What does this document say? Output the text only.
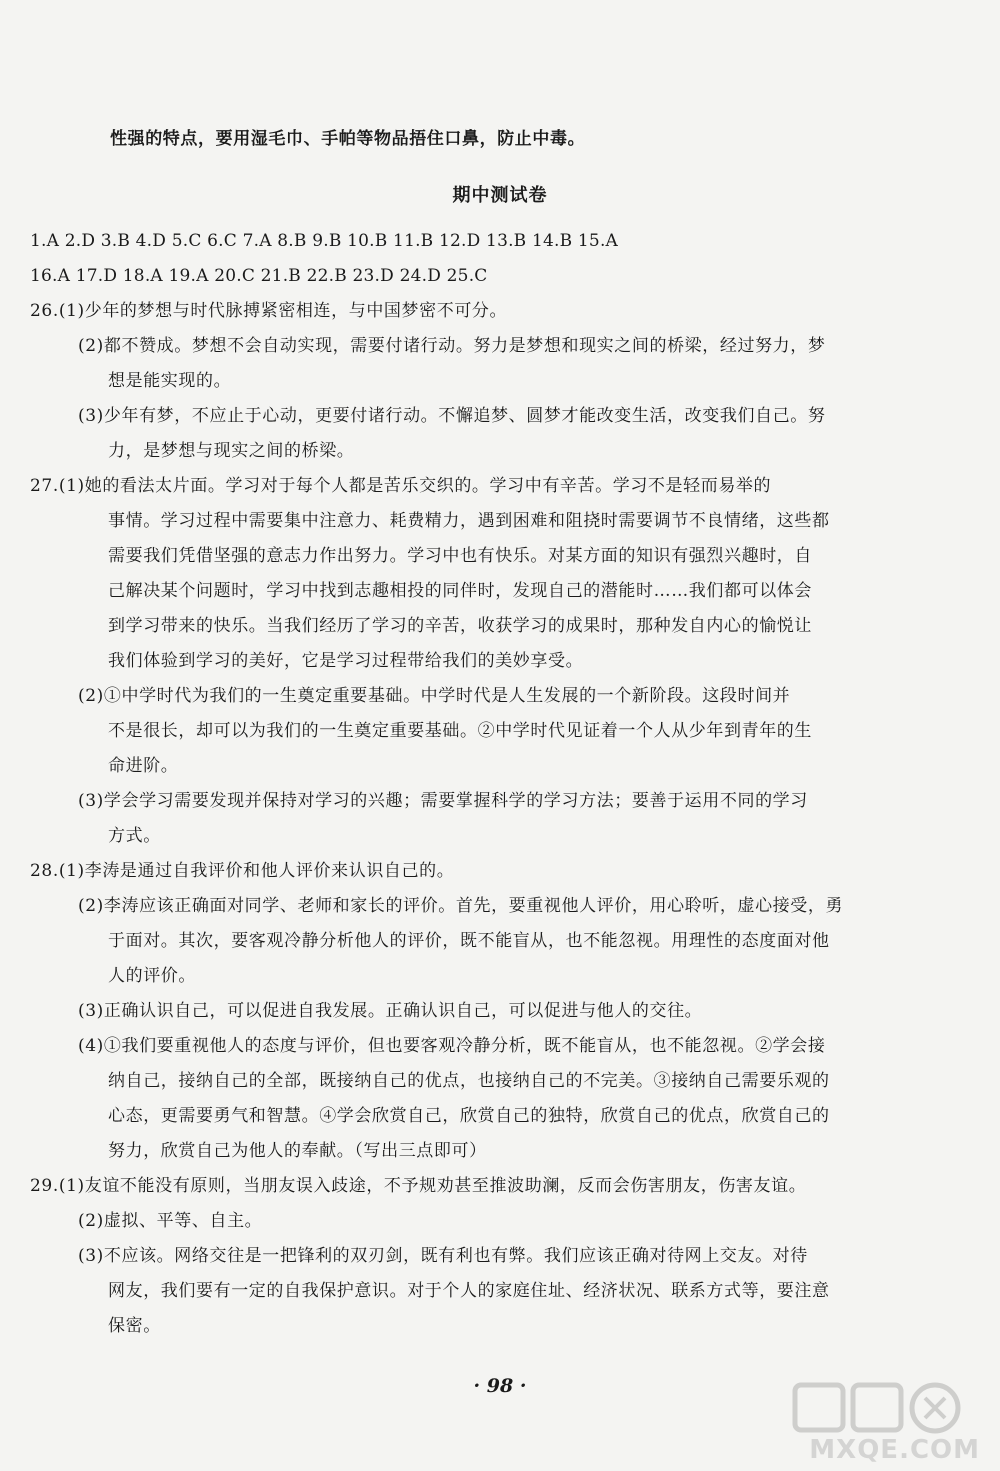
性强的特点，要用湿毛巾、手帕等物品捂住口鼻，防止中毒。
期中测试卷
1.A 2.D 3.B 4.D 5.C 6.C 7.A 8.B 9.B 10.B 11.B 12.D 13.B 14.B 15.A
16.A 17.D 18.A 19.A 20.C 21.B 22.B 23.D 24.D 25.C
26.(1)少年的梦想与时代脉搏紧密相连，与中国梦密不可分。
(2)都不赞成。梦想不会自动实现，需要付诸行动。努力是梦想和现实之间的桥梁，经过努力，梦
想是能实现的。
(3)少年有梦，不应止于心动，更要付诸行动。不懈追梦、圆梦才能改变生活，改变我们自己。努
力，是梦想与现实之间的桥梁。
27.(1)她的看法太片面。学习对于每个人都是苦乐交织的。学习中有辛苦。学习不是轻而易举的
事情。学习过程中需要集中注意力、耗费精力，遇到困难和阻挠时需要调节不良情绪，这些都
需要我们凭借坚强的意志力作出努力。学习中也有快乐。对某方面的知识有强烈兴趣时，自
己解决某个问题时，学习中找到志趣相投的同伴时，发现自己的潜能时……我们都可以体会
到学习带来的快乐。当我们经历了学习的辛苦，收获学习的成果时，那种发自内心的愉悦让
我们体验到学习的美好，它是学习过程带给我们的美妙享受。
(2)①中学时代为我们的一生奠定重要基础。中学时代是人生发展的一个新阶段。这段时间并
不是很长，却可以为我们的一生奠定重要基础。②中学时代见证着一个人从少年到青年的生
命进阶。
(3)学会学习需要发现并保持对学习的兴趣；需要掌握科学的学习方法；要善于运用不同的学习
方式。
28.(1)李涛是通过自我评价和他人评价来认识自己的。
(2)李涛应该正确面对同学、老师和家长的评价。首先，要重视他人评价，用心聆听，虚心接受，勇
于面对。其次，要客观冷静分析他人的评价，既不能盲从，也不能忽视。用理性的态度面对他
人的评价。
(3)正确认识自己，可以促进自我发展。正确认识自己，可以促进与他人的交往。
(4)①我们要重视他人的态度与评价，但也要客观冷静分析，既不能盲从，也不能忽视。②学会接
纳自己，接纳自己的全部，既接纳自己的优点，也接纳自己的不完美。③接纳自己需要乐观的
心态，更需要勇气和智慧。④学会欣赏自己，欣赏自己的独特，欣赏自己的优点，欣赏自己的
努力，欣赏自己为他人的奉献。（写出三点即可）
29.(1)友谊不能没有原则，当朋友误入歧途，不予规劝甚至推波助澜，反而会伤害朋友，伤害友谊。
(2)虚拟、平等、自主。
(3)不应该。网络交往是一把锋利的双刃剑，既有利也有弊。我们应该正确对待网上交友。对待
网友，我们要有一定的自我保护意识。对于个人的家庭住址、经济状况、联系方式等，要注意
保密。
· 98 ·
MXQE.COM
